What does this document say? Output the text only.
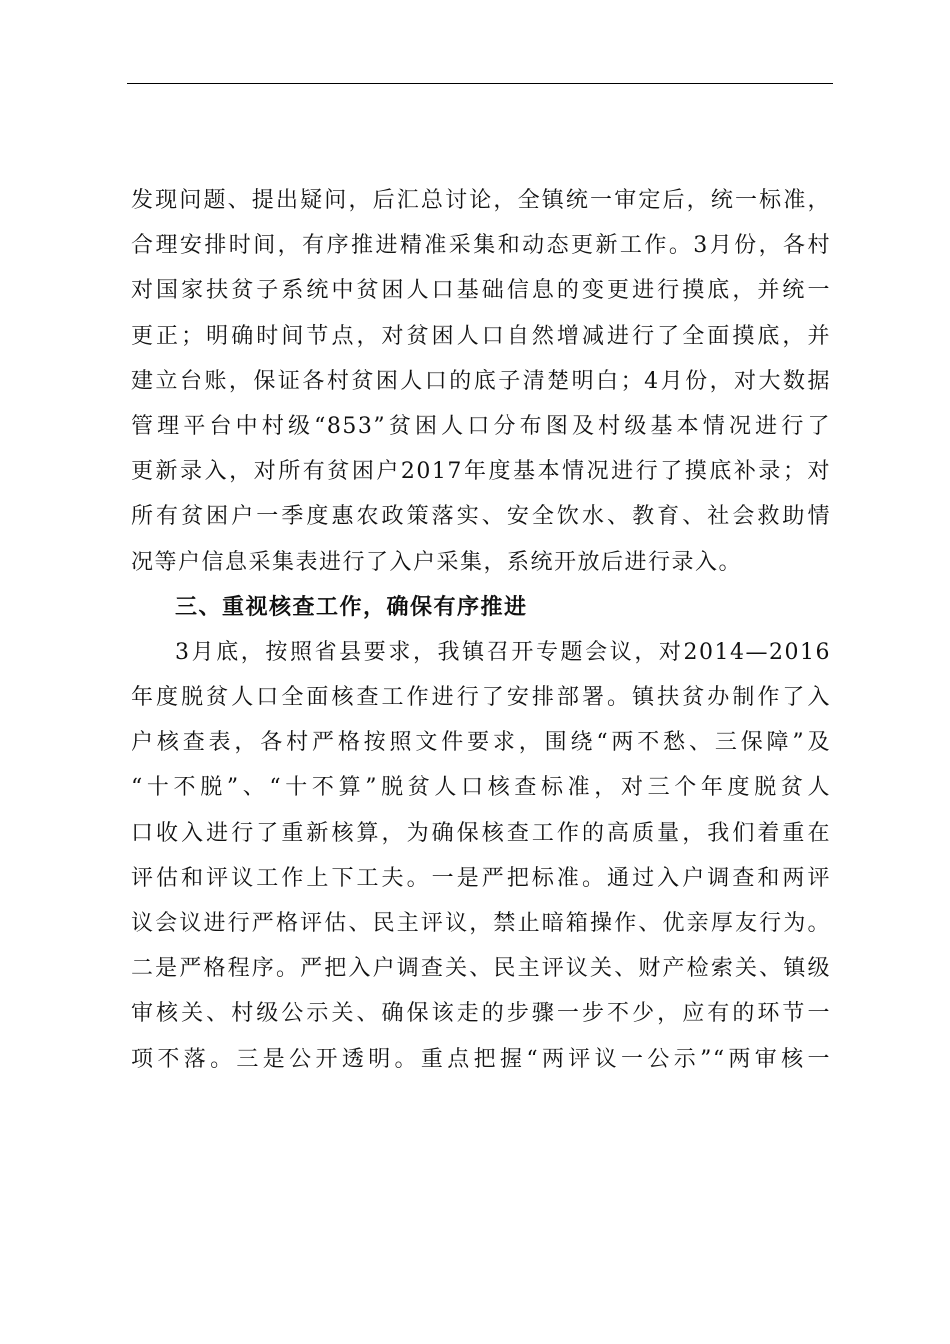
发现问题、提出疑问，后汇总讨论，全镇统一审定后，统一标准，
合理安排时间，有序推进精准采集和动态更新工作。3月份，各村
对国家扶贫子系统中贫困人口基础信息的变更进行摸底，并统一
更正；明确时间节点，对贫困人口自然增减进行了全面摸底，并
建立台账，保证各村贫困人口的底子清楚明白；4月份，对大数据
管理平台中村级“853”贫困人口分布图及村级基本情况进行了
更新录入，对所有贫困户2017年度基本情况进行了摸底补录；对
所有贫困户一季度惠农政策落实、安全饮水、教育、社会救助情
况等户信息采集表进行了入户采集，系统开放后进行录入。
三、重视核查工作，确保有序推进
3月底，按照省县要求，我镇召开专题会议，对2014—2016
年度脱贫人口全面核查工作进行了安排部署。镇扶贫办制作了入
户核查表，各村严格按照文件要求，围绕“两不愁、三保障”及
“十不脱”、“十不算”脱贫人口核查标准，对三个年度脱贫人
口收入进行了重新核算，为确保核查工作的高质量，我们着重在
评估和评议工作上下工夫。一是严把标准。通过入户调查和两评
议会议进行严格评估、民主评议，禁止暗箱操作、优亲厚友行为。
二是严格程序。严把入户调查关、民主评议关、财产检索关、镇级
审核关、村级公示关、确保该走的步骤一步不少，应有的环节一
项不落。三是公开透明。重点把握“两评议一公示”“两审核一
